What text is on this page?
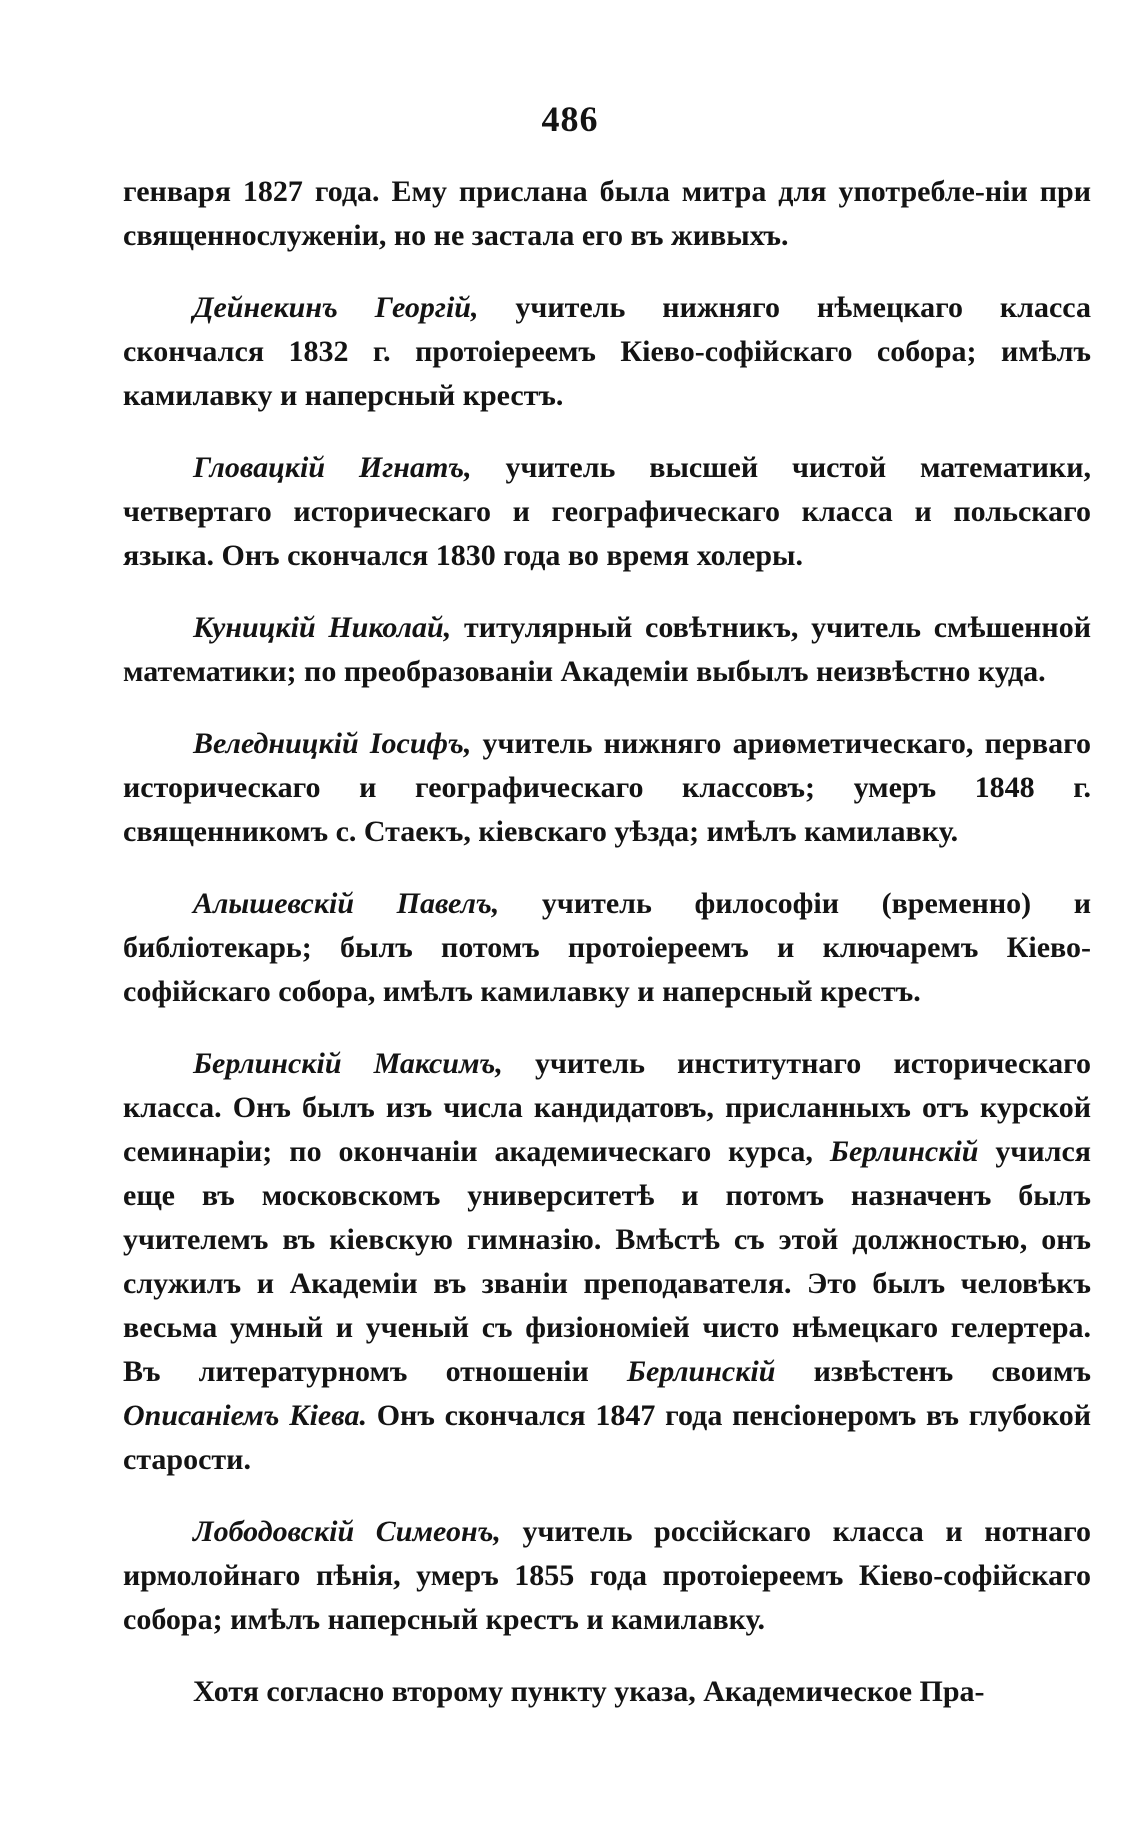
486

генваря 1827 года. Ему прислана была митра для употребле-ніи при священнослуженіи, но не застала его въ живыхъ.

Дейнекинъ Георгій, учитель нижняго нѣмецкаго класса скончался 1832 г. протоіереемъ Кіево-софійскаго собора; имѣлъ камилавку и наперсный крестъ.

Гловацкій Игнатъ, учитель высшей чистой математики, четвертаго историческаго и географическаго класса и польскаго языка. Онъ скончался 1830 года во время холеры.

Куницкій Николай, титулярный совѣтникъ, учитель смѣшенной математики; по преобразованіи Академіи выбылъ неизвѣстно куда.

Веледницкій Іосифъ, учитель нижняго ариѳметическаго, перваго историческаго и географическаго классовъ; умеръ 1848 г. священникомъ с. Стаекъ, кіевскаго уѣзда; имѣлъ камилавку.

Алышевскій Павелъ, учитель философіи (временно) и библіотекарь; былъ потомъ протоіереемъ и ключаремъ Кіево-софійскаго собора, имѣлъ камилавку и наперсный крестъ.

Берлинскій Максимъ, учитель институтнаго историческаго класса. Онъ былъ изъ числа кандидатовъ, присланныхъ отъ курской семинаріи; по окончаніи академическаго курса, Берлинскій учился еще въ московскомъ университетѣ и потомъ назначенъ былъ учителемъ въ кіевскую гимназію. Вмѣстѣ съ этой должностью, онъ служилъ и Академіи въ званіи преподавателя. Это былъ человѣкъ весьма умный и ученый съ физіономіей чисто нѣмецкаго гелертера. Въ литературномъ отношеніи Берлинскій извѣстенъ своимъ Описаніемъ Кіева. Онъ скончался 1847 года пенсіонеромъ въ глубокой старости.

Лободовскій Симеонъ, учитель россійскаго класса и нотнаго ирмолойнаго пѣнія, умеръ 1855 года протоіереемъ Кіево-софійскаго собора; имѣлъ наперсный крестъ и камилавку.

Хотя согласно второму пункту указа, Академическое Пра-
